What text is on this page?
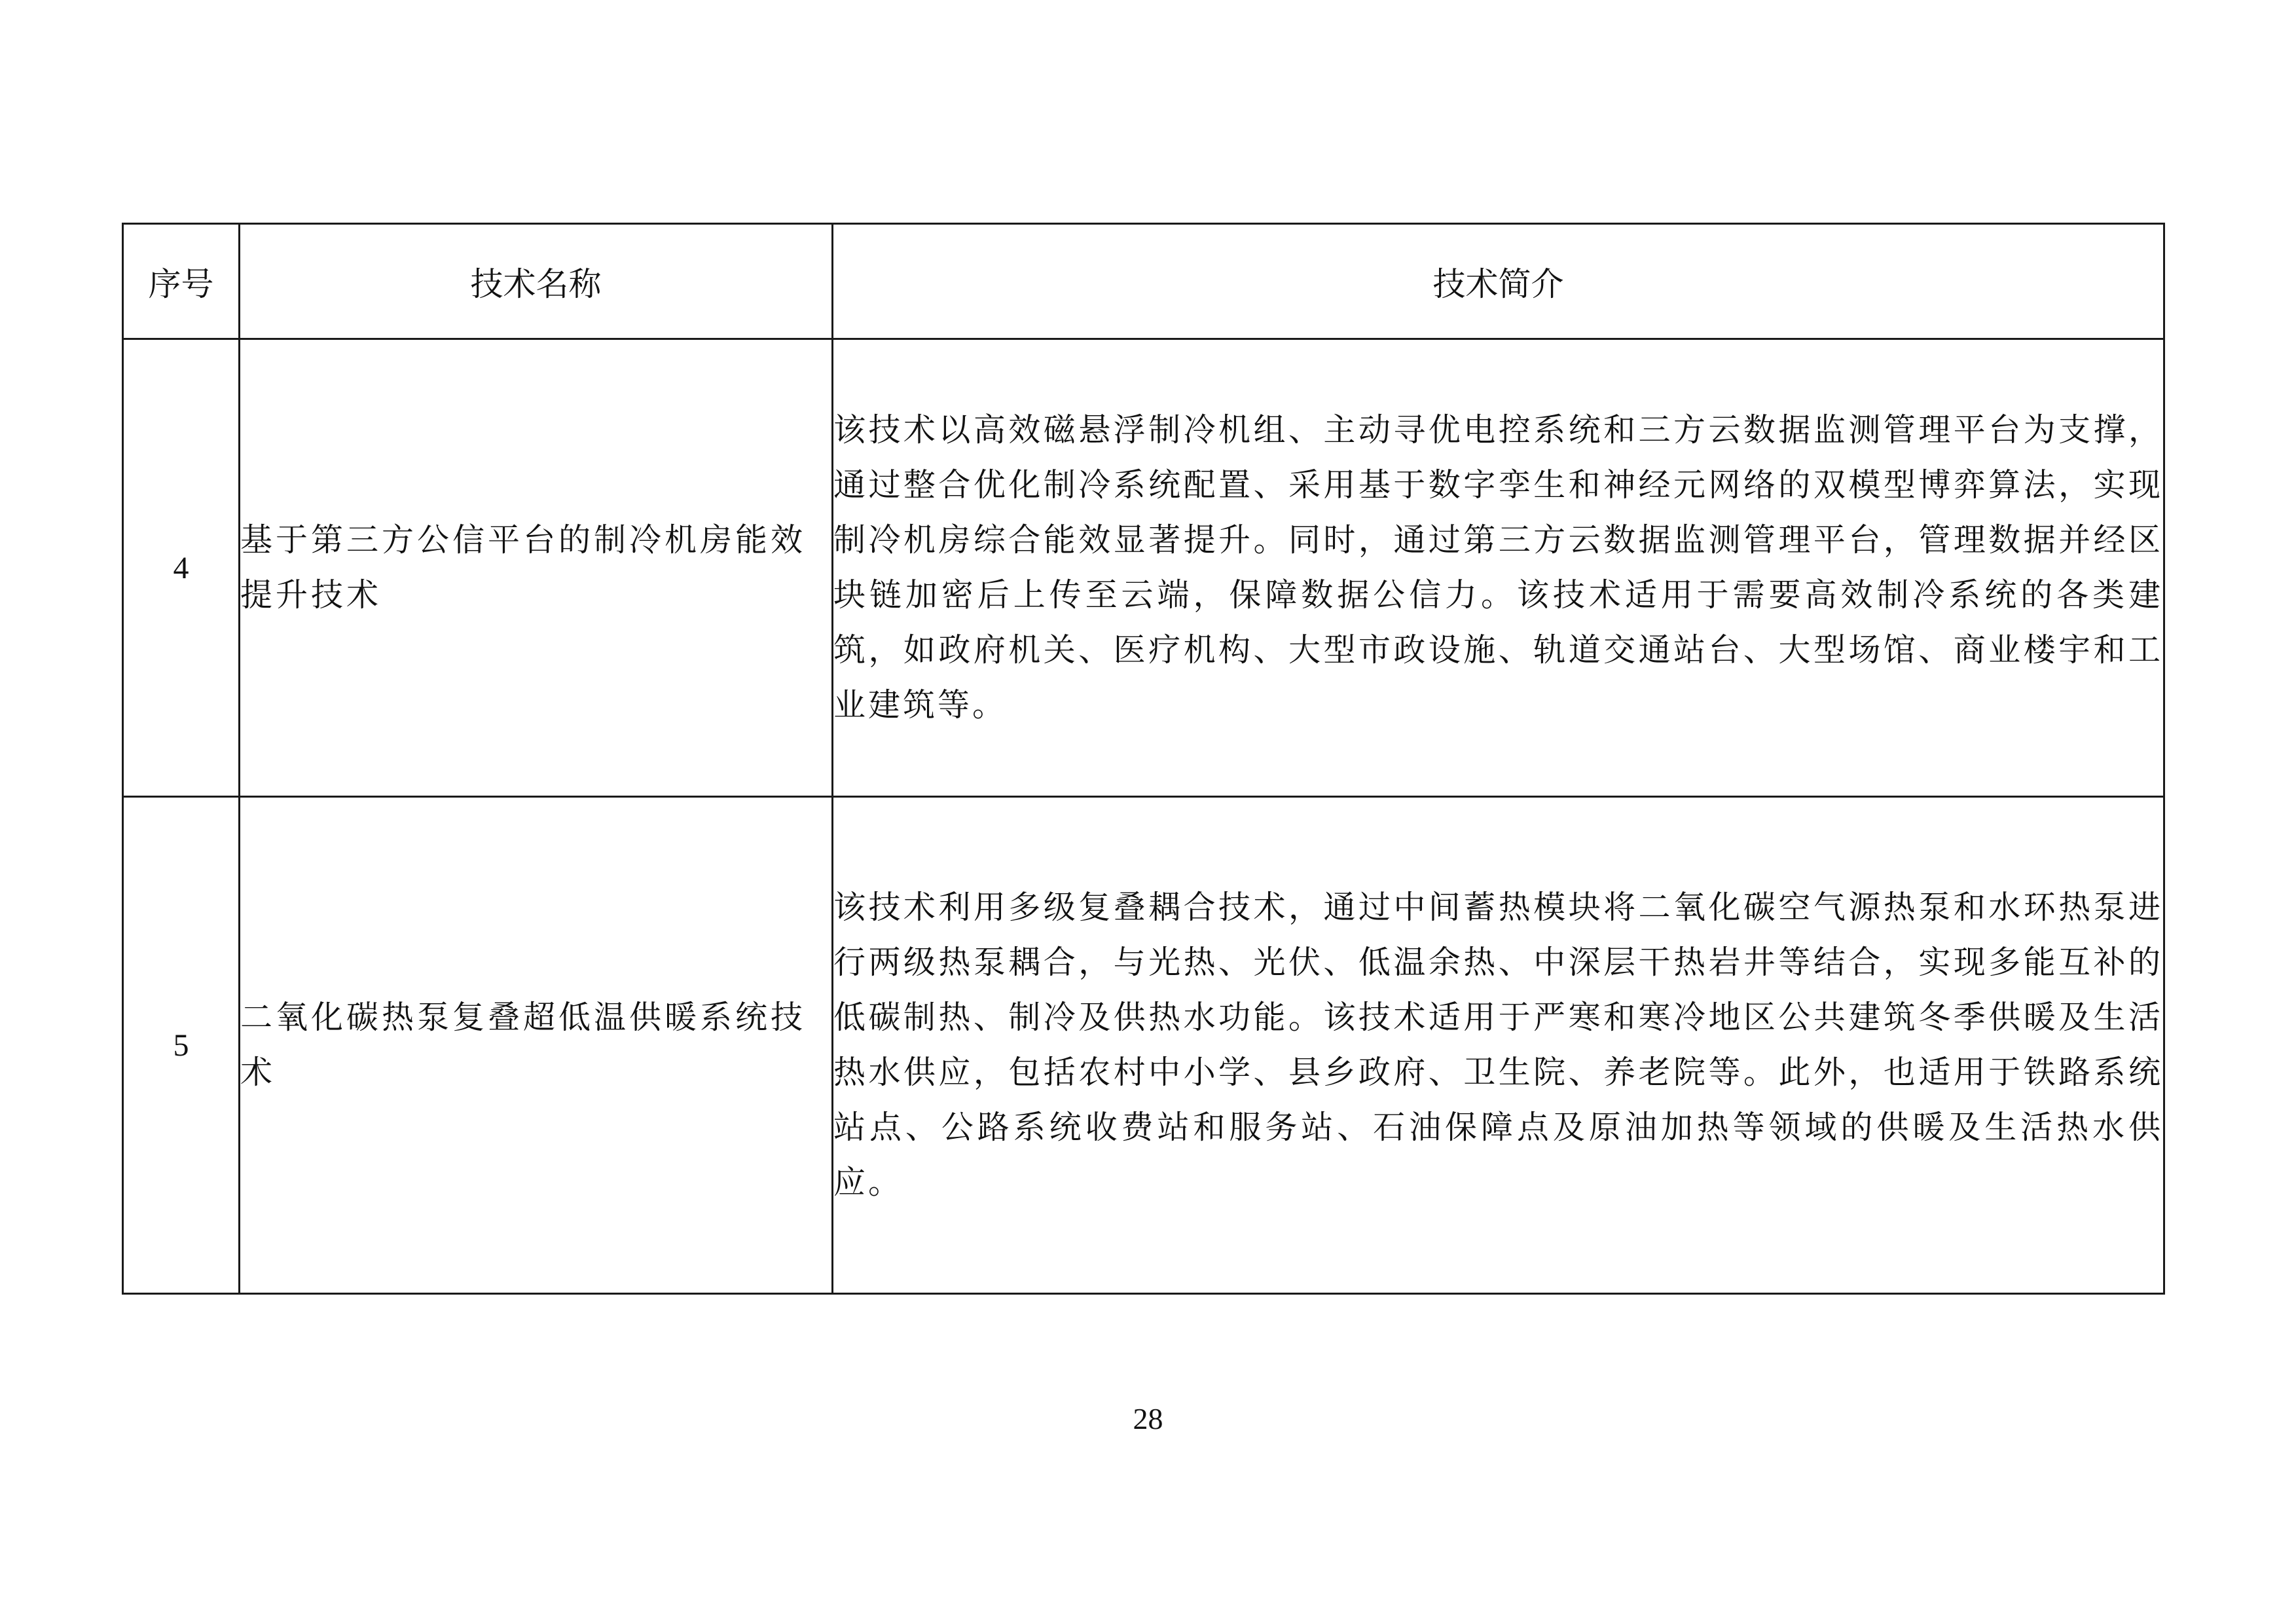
序号	技术名称	技术简介
4	基于第三方公信平台的制冷机房能效提升技术	该技术以高效磁悬浮制冷机组、主动寻优电控系统和三方云数据监测管理平台为支撑，通过整合优化制冷系统配置、采用基于数字孪生和神经元网络的双模型博弈算法，实现制冷机房综合能效显著提升。同时，通过第三方云数据监测管理平台，管理数据并经区块链加密后上传至云端，保障数据公信力。该技术适用于需要高效制冷系统的各类建筑，如政府机关、医疗机构、大型市政设施、轨道交通站台、大型场馆、商业楼宇和工业建筑等。
5	二氧化碳热泵复叠超低温供暖系统技术	该技术利用多级复叠耦合技术，通过中间蓄热模块将二氧化碳空气源热泵和水环热泵进行两级热泵耦合，与光热、光伏、低温余热、中深层干热岩井等结合，实现多能互补的低碳制热、制冷及供热水功能。该技术适用于严寒和寒冷地区公共建筑冬季供暖及生活热水供应，包括农村中小学、县乡政府、卫生院、养老院等。此外，也适用于铁路系统站点、公路系统收费站和服务站、石油保障点及原油加热等领域的供暖及生活热水供应。
28
